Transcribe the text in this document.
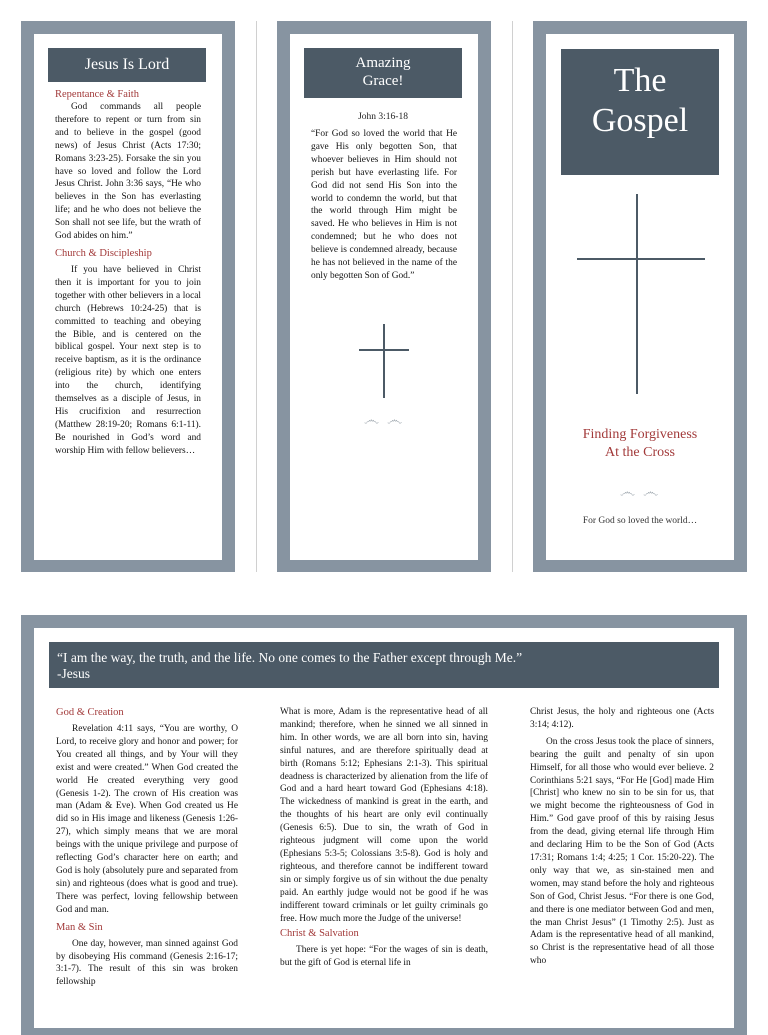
Jesus Is Lord
Repentance & Faith

God commands all people therefore to repent or turn from sin and to believe in the gospel (good news) of Jesus Christ (Acts 17:30; Romans 3:23-25). Forsake the sin you have so loved and follow the Lord Jesus Christ. John 3:36 says, “He who believes in the Son has everlasting life; and he who does not believe the Son shall not see life, but the wrath of God abides on him.”

Church & Discipleship

If you have believed in Christ then it is important for you to join together with other believers in a local church (Hebrews 10:24-25) that is committed to teaching and obeying the Bible, and is centered on the biblical gospel. Your next step is to receive baptism, as it is the ordinance (religious rite) by which one enters into the church, identifying themselves as a disciple of Jesus, in His crucifixion and resurrection (Matthew 28:19-20; Romans 6:1-11). Be nourished in God’s word and worship Him with fellow believers…

Amazing
Grace!
John 3:16-18
“For God so loved the world that He gave His only begotten Son, that whoever believes in Him should not perish but have everlasting life. For God did not send His Son into the world to condemn the world, but that the world through Him might be saved. He who believes in Him is not condemned; but he who does not believe is condemned already, because he has not believed in the name of the only begotten Son of God.”
෴ ෴
The
Gospel
Finding Forgiveness
At the Cross
෴ ෴
For God so loved the world…
“I am the way, the truth, and the life. No one comes to the Father except through Me.”
-Jesus
God & Creation

Revelation 4:11 says, “You are worthy, O Lord, to receive glory and honor and power; for You created all things, and by Your will they exist and were created.” When God created the world He created everything very good (Genesis 1-2). The crown of His creation was man (Adam & Eve). When God created us He did so in His image and likeness (Genesis 1:26-27), which simply means that we are moral beings with the unique privilege and purpose of reflecting God’s character here on earth; and God is holy (absolutely pure and separated from sin) and righteous (does what is good and true). There was perfect, loving fellowship between God and man.

Man & Sin

One day, however, man sinned against God by disobeying His command (Genesis 2:16-17; 3:1-7). The result of this sin was broken fellowship

What is more, Adam is the representative head of all mankind; therefore, when he sinned we all sinned in him. In other words, we are all born into sin, having sinful natures, and are therefore spiritually dead at birth (Romans 5:12; Ephesians 2:1-3). This spiritual deadness is characterized by alienation from the life of God and a hard heart toward God (Ephesians 4:18). The wickedness of mankind is great in the earth, and the thoughts of his heart are only evil continually (Genesis 6:5). Due to sin, the wrath of God in righteous judgment will come upon the world (Ephesians 5:3-5; Colossians 3:5-8). God is holy and righteous, and therefore cannot be indifferent toward sin or simply forgive us of sin without the due penalty paid. An earthly judge would not be good if he was indifferent toward criminals or let guilty criminals go free. How much more the Judge of the universe!
Christ & Salvation

There is yet hope: “For the wages of sin is death, but the gift of God is eternal life in

Christ Jesus, the holy and righteous one (Acts 3:14; 4:12).

On the cross Jesus took the place of sinners, bearing the guilt and penalty of sin upon Himself, for all those who would ever believe. 2 Corinthians 5:21 says, “For He [God] made Him [Christ] who knew no sin to be sin for us, that we might become the righteousness of God in Him.” God gave proof of this by raising Jesus from the dead, giving eternal life through Him and declaring Him to be the Son of God (Acts 17:31; Romans 1:4; 4:25; 1 Cor. 15:20-22). The only way that we, as sin-stained men and women, may stand before the holy and righteous Son of God, Christ Jesus. “For there is one God, and there is one mediator between God and men, the man Christ Jesus” (1 Timothy 2:5). Just as Adam is the representative head of all mankind, so Christ is the representative head of all those who
